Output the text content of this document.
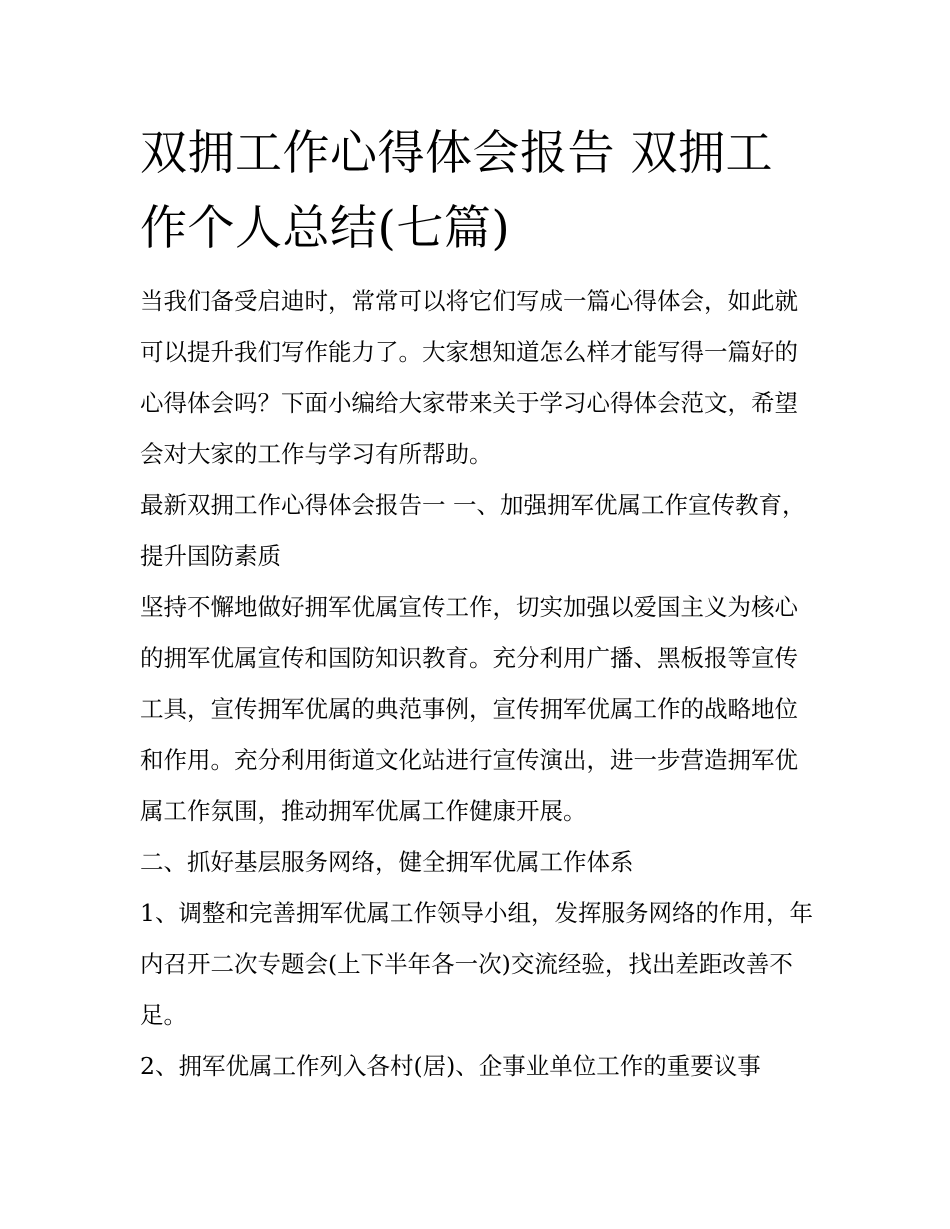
双拥工作心得体会报告 双拥工作个人总结(七篇)

当我们备受启迪时，常常可以将它们写成一篇心得体会，如此就可以提升我们写作能力了。大家想知道怎么样才能写得一篇好的心得体会吗？下面小编给大家带来关于学习心得体会范文，希望会对大家的工作与学习有所帮助。

最新双拥工作心得体会报告一 一、加强拥军优属工作宣传教育，提升国防素质

坚持不懈地做好拥军优属宣传工作，切实加强以爱国主义为核心的拥军优属宣传和国防知识教育。充分利用广播、黑板报等宣传工具，宣传拥军优属的典范事例，宣传拥军优属工作的战略地位和作用。充分利用街道文化站进行宣传演出，进一步营造拥军优属工作氛围，推动拥军优属工作健康开展。

二、抓好基层服务网络，健全拥军优属工作体系

1、调整和完善拥军优属工作领导小组，发挥服务网络的作用，年内召开二次专题会(上下半年各一次)交流经验，找出差距改善不足。

2、拥军优属工作列入各村(居)、企事业单位工作的重要议事
